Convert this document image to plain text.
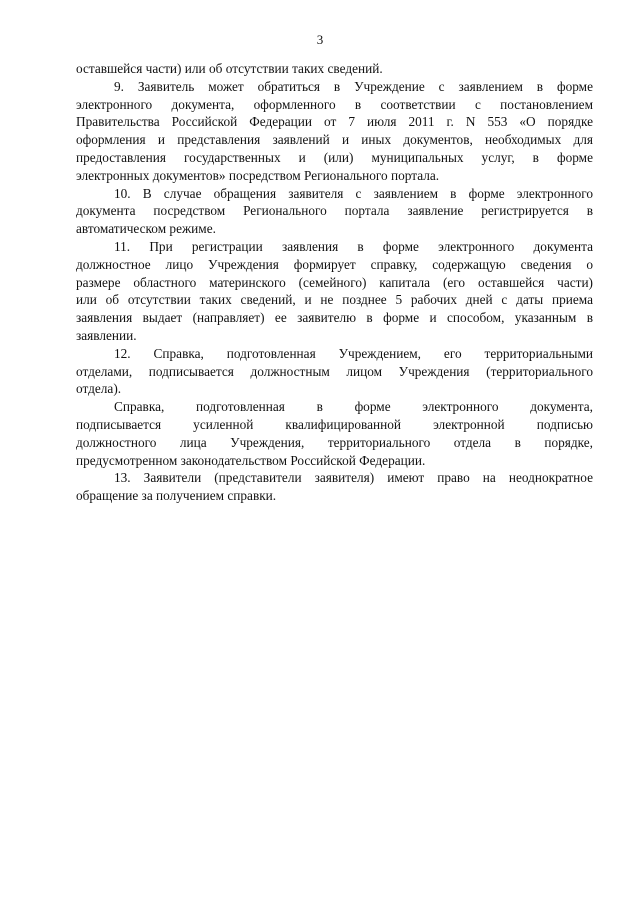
3
оставшейся части) или об отсутствии таких сведений.
9. Заявитель может обратиться в Учреждение с заявлением в форме
электронного документа, оформленного в соответствии с постановлением
Правительства Российской Федерации от 7 июля 2011 г. N 553 «О порядке
оформления и представления заявлений и иных документов, необходимых для
предоставления государственных и (или) муниципальных услуг, в форме
электронных документов» посредством Регионального портала.
10. В случае обращения заявителя с заявлением в форме электронного
документа посредством Регионального портала заявление регистрируется в
автоматическом режиме.
11. При регистрации заявления в форме электронного документа
должностное лицо Учреждения формирует справку, содержащую сведения о
размере областного материнского (семейного) капитала (его оставшейся части)
или об отсутствии таких сведений, и не позднее 5 рабочих дней с даты приема
заявления выдает (направляет) ее заявителю в форме и способом, указанным в
заявлении.
12. Справка, подготовленная Учреждением, его территориальными
отделами, подписывается должностным лицом Учреждения (территориального
отдела).
Справка, подготовленная в форме электронного документа,
подписывается усиленной квалифицированной электронной подписью
должностного лица Учреждения, территориального отдела в порядке,
предусмотренном законодательством Российской Федерации.
13. Заявители (представители заявителя) имеют право на неоднократное
обращение за получением справки.
